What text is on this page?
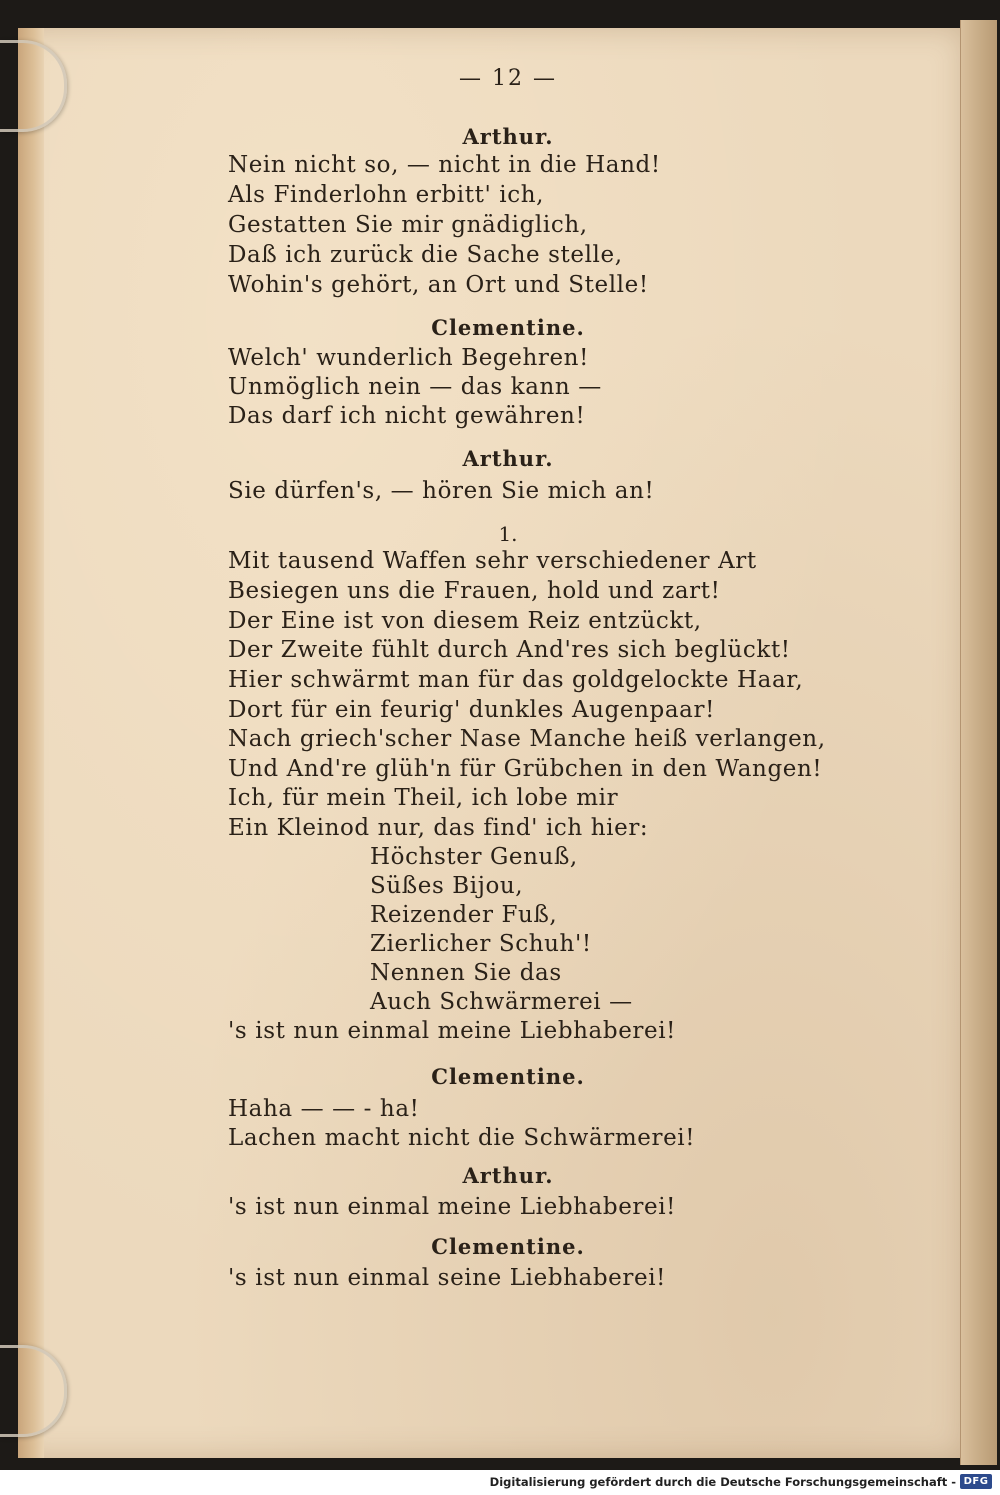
— 12 —
Arthur.
Nein nicht so, — nicht in die Hand!
Als Finderlohn erbitt' ich,
Gestatten Sie mir gnädiglich,
Daß ich zurück die Sache stelle,
Wohin's gehört, an Ort und Stelle!
Clementine.
Welch' wunderlich Begehren!
Unmöglich nein — das kann —
Das darf ich nicht gewähren!
Arthur.
Sie dürfen's, — hören Sie mich an!
1.
Mit tausend Waffen sehr verschiedener Art
Besiegen uns die Frauen, hold und zart!
Der Eine ist von diesem Reiz entzückt,
Der Zweite fühlt durch And'res sich beglückt!
Hier schwärmt man für das goldgelockte Haar,
Dort für ein feurig' dunkles Augenpaar!
Nach griech'scher Nase Manche heiß verlangen,
Und And're glüh'n für Grübchen in den Wangen!
Ich, für mein Theil, ich lobe mir
Ein Kleinod nur, das find' ich hier:
Höchster Genuß,
Süßes Bijou,
Reizender Fuß,
Zierlicher Schuh'!
Nennen Sie das
Auch Schwärmerei —
's ist nun einmal meine Liebhaberei!
Clementine.
Haha — — - ha!
Lachen macht nicht die Schwärmerei!
Arthur.
's ist nun einmal meine Liebhaberei!
Clementine.
's ist nun einmal seine Liebhaberei!
Digitalisierung gefördert durch die Deutsche Forschungsgemeinschaft - DFG
